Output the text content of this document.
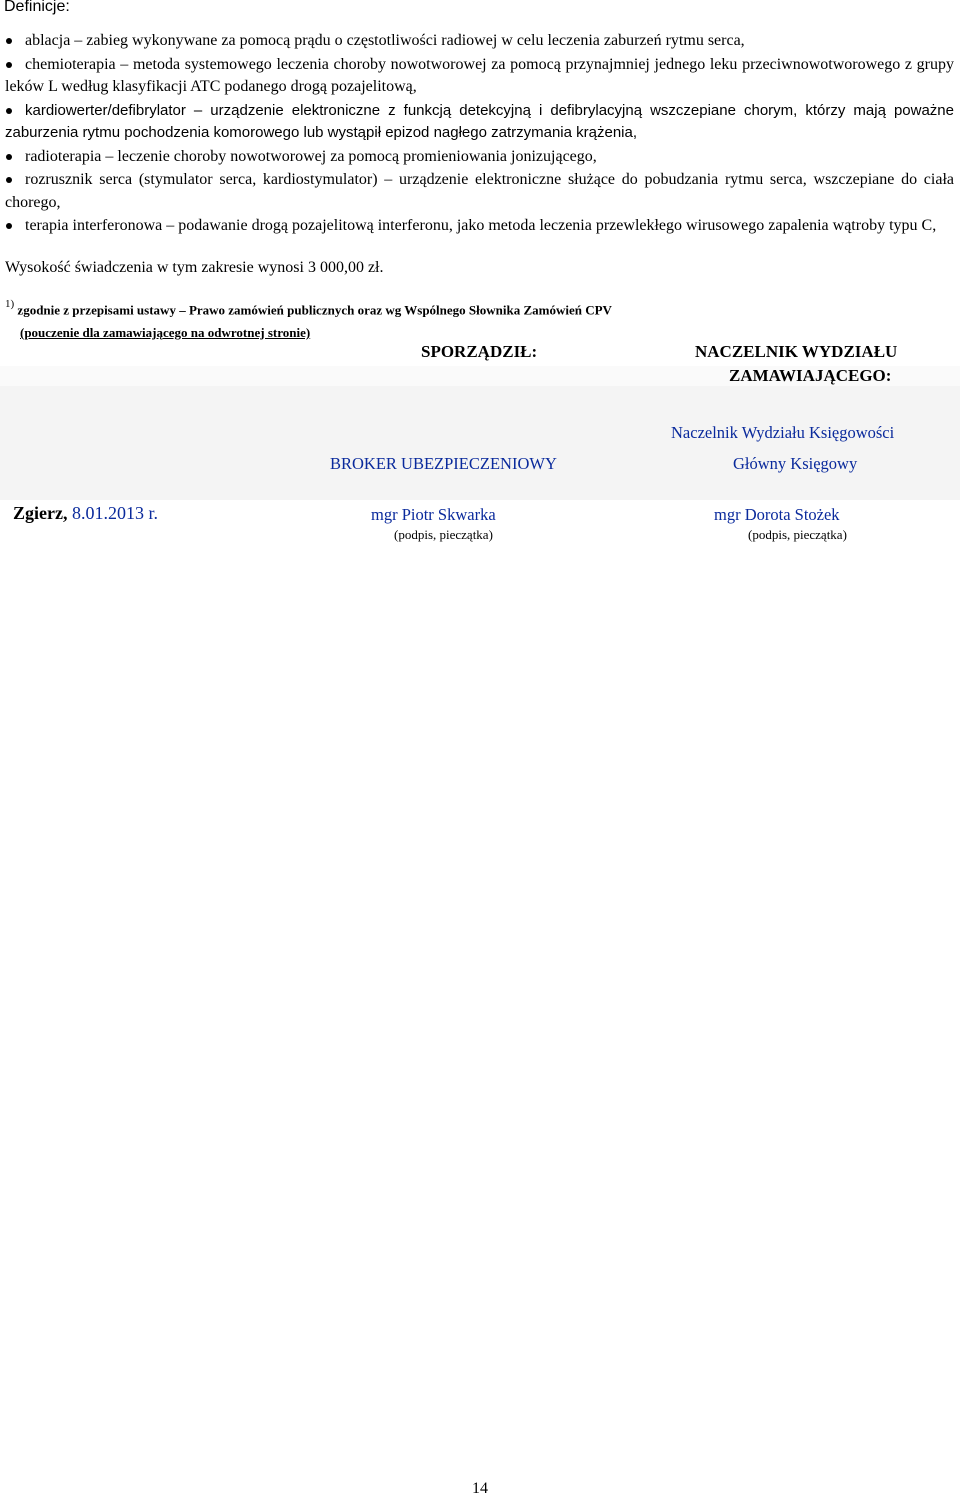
Definicje:
ablacja – zabieg wykonywane za pomocą prądu o częstotliwości radiowej w celu leczenia zaburzeń rytmu serca,
chemioterapia – metoda systemowego leczenia choroby nowotworowej za pomocą przynajmniej jednego leku przeciwnowotworowego z grupy leków L według klasyfikacji ATC podanego drogą pozajelitową,
kardiowerter/defibrylator – urządzenie elektroniczne z funkcją detekcyjną i defibrylacyjną wszczepiane chorym, którzy mają poważne zaburzenia rytmu pochodzenia komorowego lub wystąpił epizod nagłego zatrzymania krążenia,
radioterapia – leczenie choroby nowotworowej za pomocą promieniowania jonizującego,
rozrusznik serca (stymulator serca, kardiostymulator) – urządzenie elektroniczne służące do pobudzania rytmu serca, wszczepiane do ciała chorego,
terapia interferonowa – podawanie drogą pozajelitową interferonu, jako metoda leczenia przewlekłego wirusowego zapalenia wątroby typu C,
Wysokość świadczenia w tym zakresie wynosi 3 000,00 zł.
$^{1)}$ zgodnie z przepisami ustawy – Prawo zamówień publicznych oraz wg Wspólnego Słownika Zamówień CPV
(pouczenie dla zamawiającego na odwrotnej stronie)
SPORZĄDZIŁ:	NACZELNIK WYDZIAŁU
ZAMAWIAJĄCEGO:
Naczelnik Wydziału Księgowości
BROKER UBEZPIECZENIOWY	Główny Księgowy
Zgierz, 8.01.2013 r.	mgr Piotr Skwarka	mgr Dorota Stożek
(podpis, pieczątka)	(podpis, pieczątka)
14
